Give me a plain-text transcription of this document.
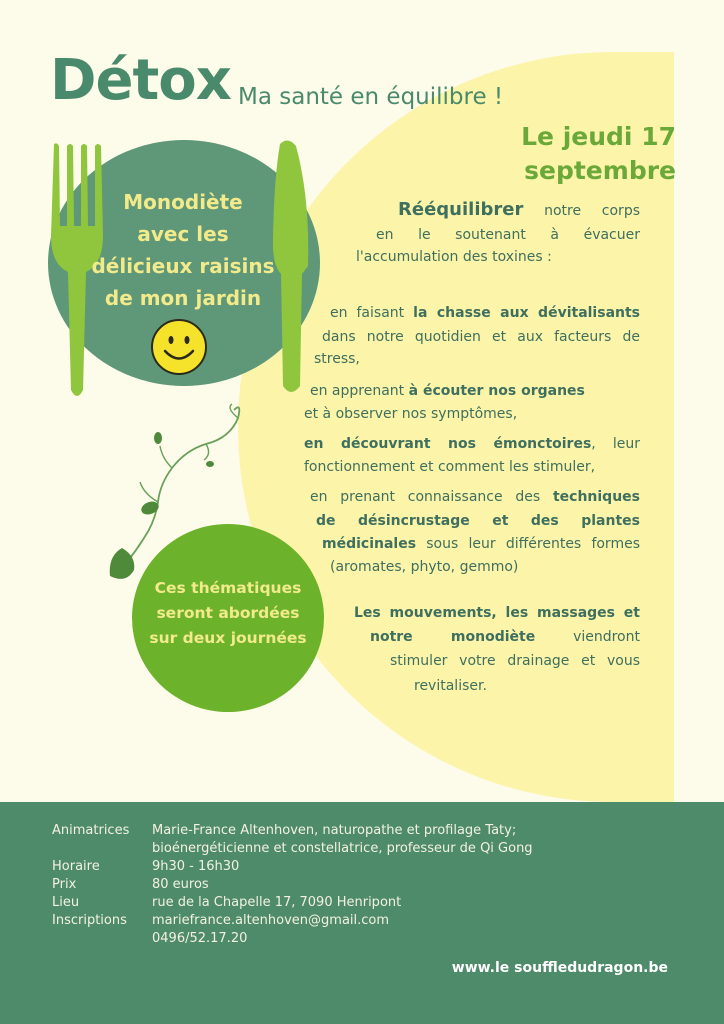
Détox Ma santé en équilibre !
Le jeudi 17
septembre
Monodiète
avec les
délicieux raisins
de mon jardin
Ces thématiques
seront abordées
sur deux journées
Rééquilibrer notre corps
en le soutenant à évacuer
l'accumulation des toxines :
en faisant la chasse aux dévitalisants
dans notre quotidien et aux facteurs de
stress,
en apprenant à écouter nos organes
et à observer nos symptômes,
en découvrant nos émonctoires, leur
fonctionnement et comment les stimuler,
en prenant connaissance des techniques
de désincrustage et des plantes
médicinales sous leur différentes formes
(aromates, phyto, gemmo)
Les mouvements, les massages et
notre monodiète	viendront
stimuler votre drainage et vous
revitaliser.
Animatrices	Marie-France Altenhoven, naturopathe et profilage Taty;
bioénergéticienne et constellatrice, professeur de Qi Gong
Horaire	9h30 - 16h30
Prix	80 euros
Lieu	rue de la Chapelle 17, 7090 Henripont
Inscriptions	mariefrance.altenhoven@gmail.com
0496/52.17.20
www.le souffledudragon.be
